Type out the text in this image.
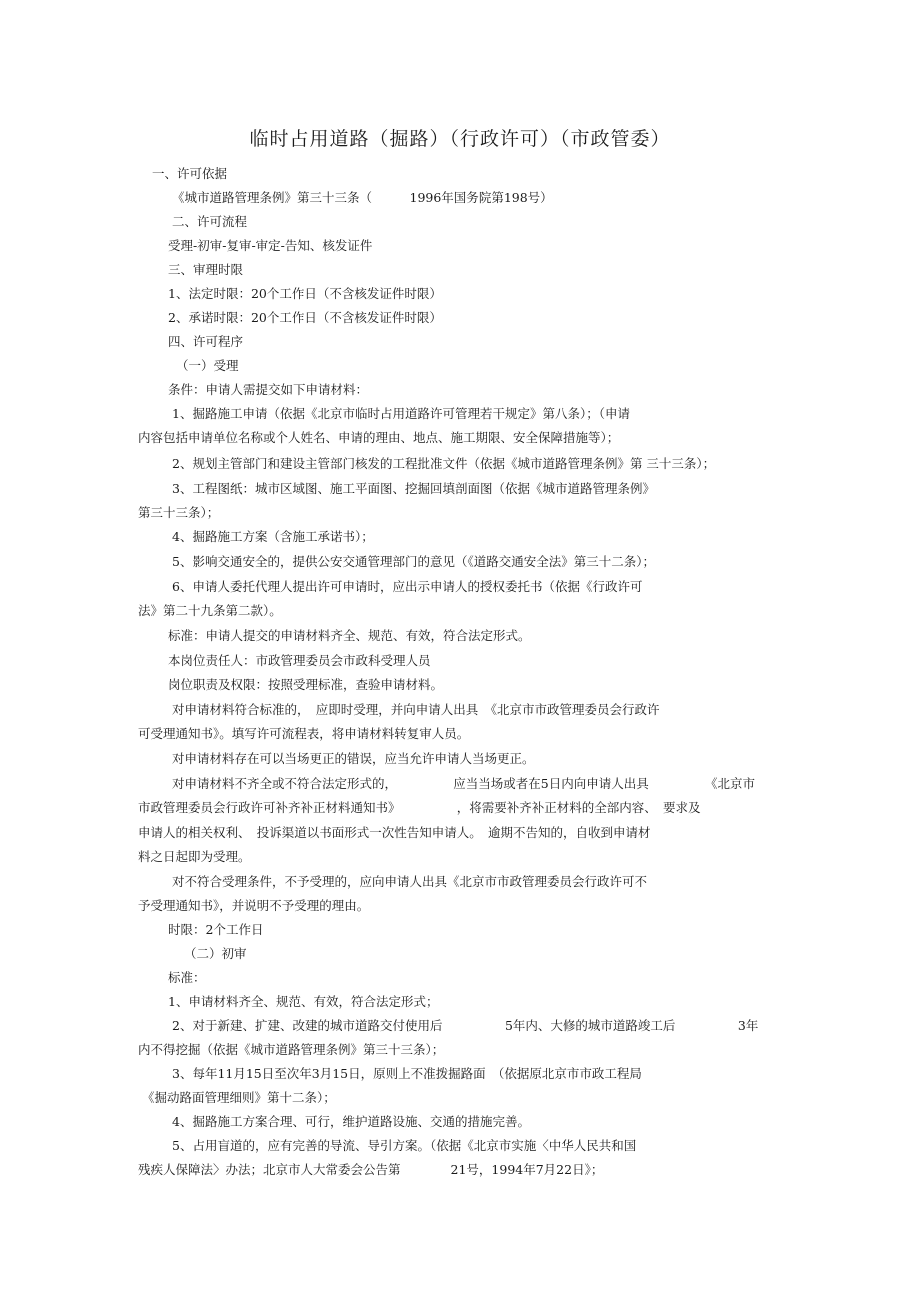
临时占用道路（掘路）（行政许可）（市政管委）
一、许可依据
《城市道路管理条例》第三十三条（　　　1996年国务院第198号）
二、许可流程
受理-初审-复审-审定-告知、核发证件
三、审理时限
1、法定时限：20个工作日（不含核发证件时限）
2、承诺时限：20个工作日（不含核发证件时限）
四、许可程序
（一）受理
条件：申请人需提交如下申请材料：
1、掘路施工申请（依据《北京市临时占用道路许可管理若干规定》第八条）；（申请
内容包括申请单位名称或个人姓名、申请的理由、地点、施工期限、安全保障措施等）；
2、规划主管部门和建设主管部门核发的工程批准文件（依据《城市道路管理条例》第 三十三条）；
3、工程图纸：城市区域图、施工平面图、挖掘回填剖面图（依据《城市道路管理条例》
第三十三条）；
4、掘路施工方案（含施工承诺书）；
5、影响交通安全的，提供公安交通管理部门的意见（《道路交通安全法》第三十二条）；
6、申请人委托代理人提出许可申请时，应出示申请人的授权委托书（依据《行政许可
法》第二十九条第二款）。
标准：申请人提交的申请材料齐全、规范、有效，符合法定形式。
本岗位责任人：市政管理委员会市政科受理人员
岗位职责及权限：按照受理标准，查验申请材料。
对申请材料符合标准的，　应即时受理，并向申请人出具　《北京市市政管理委员会行政许
可受理通知书》。填写许可流程表，将申请材料转复审人员。
对申请材料存在可以当场更正的错误，应当允许申请人当场更正。
对申请材料不齐全或不符合法定形式的，　　　　　应当当场或者在5日内向申请人出具　　　　　《北京市
市政管理委员会行政许可补齐补正材料通知书》　　　　　，将需要补齐补正材料的全部内容、　要求及
申请人的相关权利、　投诉渠道以书面形式一次性告知申请人。　逾期不告知的，自收到申请材
料之日起即为受理。
对不符合受理条件，不予受理的，应向申请人出具《北京市市政管理委员会行政许可不
予受理通知书》，并说明不予受理的理由。
时限：2个工作日
（二）初审
标准：
1、申请材料齐全、规范、有效，符合法定形式；
2、对于新建、扩建、改建的城市道路交付使用后　　　　　5年内、大修的城市道路竣工后　　　　　3年
内不得挖掘（依据《城市道路管理条例》第三十三条）；
3、每年11月15日至次年3月15日，原则上不准拨掘路面　（依据原北京市市政工程局
《掘动路面管理细则》第十二条）；
4、掘路施工方案合理、可行，维护道路设施、交通的措施完善。
5、占用盲道的，应有完善的导流、导引方案。（依据《北京市实施〈中华人民共和国
残疾人保障法〉办法；北京市人大常委会公告第　　　　21号，1994年7月22日》；
